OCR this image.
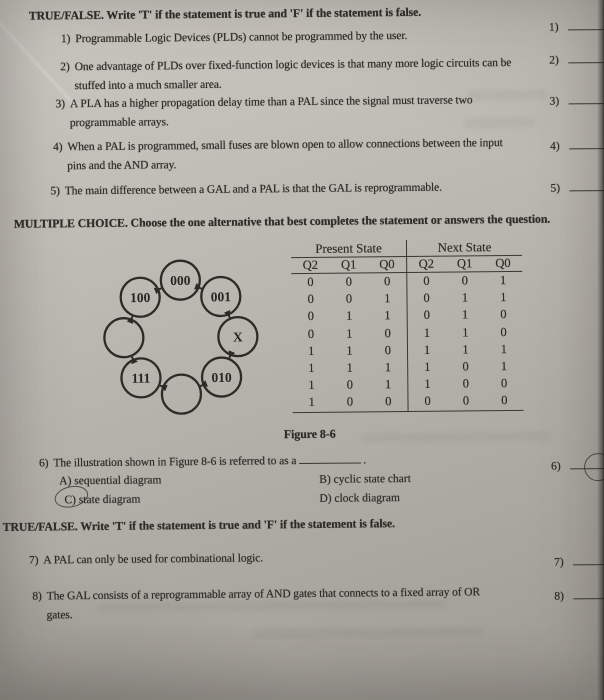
TRUE/FALSE. Write 'T' if the statement is true and 'F' if the statement is false.
1) Programmable Logic Devices (PLDs) cannot be programmed by the user.
1)
2) One advantage of PLDs over fixed-function logic devices is that many more logic circuits can be
stuffed into a much smaller area.
2)
3) A PLA has a higher propagation delay time than a PAL since the signal must traverse two
programmable arrays.
3)
4) When a PAL is programmed, small fuses are blown open to allow connections between the input
pins and the AND array.
4)
5) The main difference between a GAL and a PAL is that the GAL is reprogrammable.	5)
MULTIPLE CHOICE. Choose the one alternative that best completes the statement or answers the question.
Present State	Next State
Q2	Q1	Q0	Q2	Q1	Q0
0	0	0	0	0	1
0	0	1	0	1	1
0	1	1	0	1	0
0	1	0	1	1	0
1	1	0	1	1	1
1	1	1	1	0	1
1	0	1	1	0	0
1	0	0	0	0	0
000
001
X
010
111
100
Figure 8-6
6) The illustration shown in Figure 8-6 is referred to as a	.
A) sequential diagram	B) cyclic state chart
C) state diagram	D) clock diagram
6)
TRUE/FALSE. Write 'T' if the statement is true and 'F' if the statement is false.
7) A PAL can only be used for combinational logic.	7)
8) The GAL consists of a reprogrammable array of AND gates that connects to a fixed array of OR
gates.
8)
